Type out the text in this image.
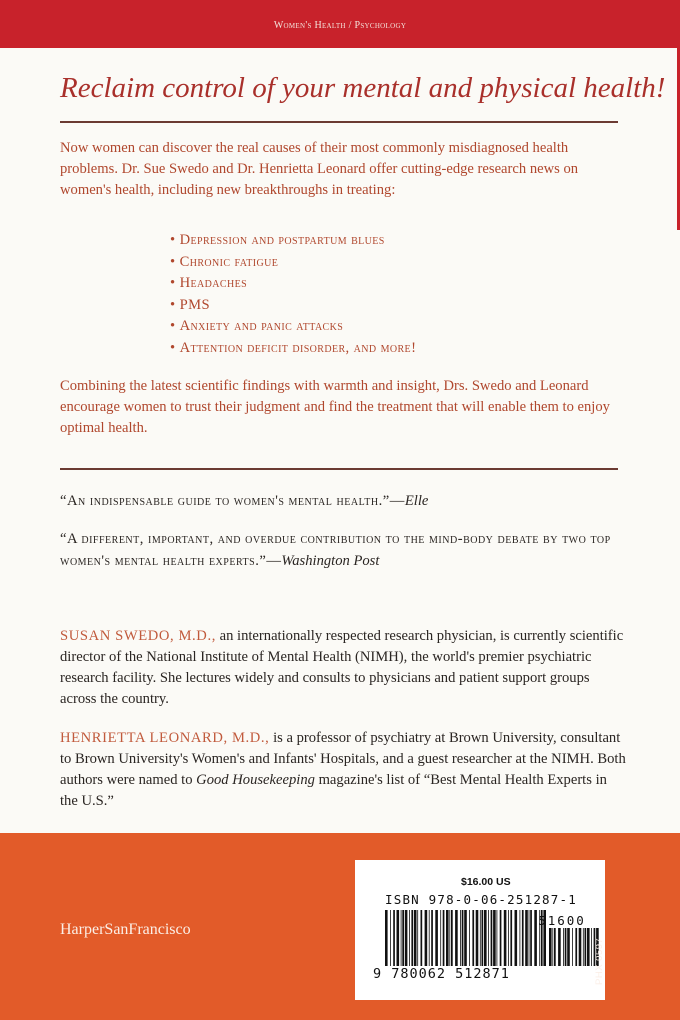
Women's Health / Psychology
Reclaim control of your mental and physical health!

Now women can discover the real causes of their most commonly misdiagnosed health problems. Dr. Sue Swedo and Dr. Henrietta Leonard offer cutting-edge research news on women's health, including new breakthroughs in treating:

• Depression and postpartum blues
• Chronic fatigue
• Headaches
• PMS
• Anxiety and panic attacks
• Attention deficit disorder, and more!

Combining the latest scientific findings with warmth and insight, Drs. Swedo and Leonard encourage women to trust their judgment and find the treatment that will enable them to enjoy optimal health.

“An indispensable guide to women's mental health.”—Elle
“A different, important, and overdue contribution to the mind-body debate by two top women's mental health experts.”—Washington Post
SUSAN SWEDO, M.D., an internationally respected research physician, is currently scientific director of the National Institute of Mental Health (NIMH), the world's premier psychiatric research facility. She lectures widely and consults to physicians and patient support groups across the country.
HENRIETTA LEONARD, M.D., is a professor of psychiatry at Brown University, consultant to Brown University's Women's and Infants' Hospitals, and a guest researcher at the NIMH. Both authors were named to Good Housekeeping magazine's list of “Best Mental Health Experts in the U.S.”
HarperSanFrancisco
$16.00 US
ISBN 978-0-06-251287-1
51600
9 780062 512871	PHX 0597
